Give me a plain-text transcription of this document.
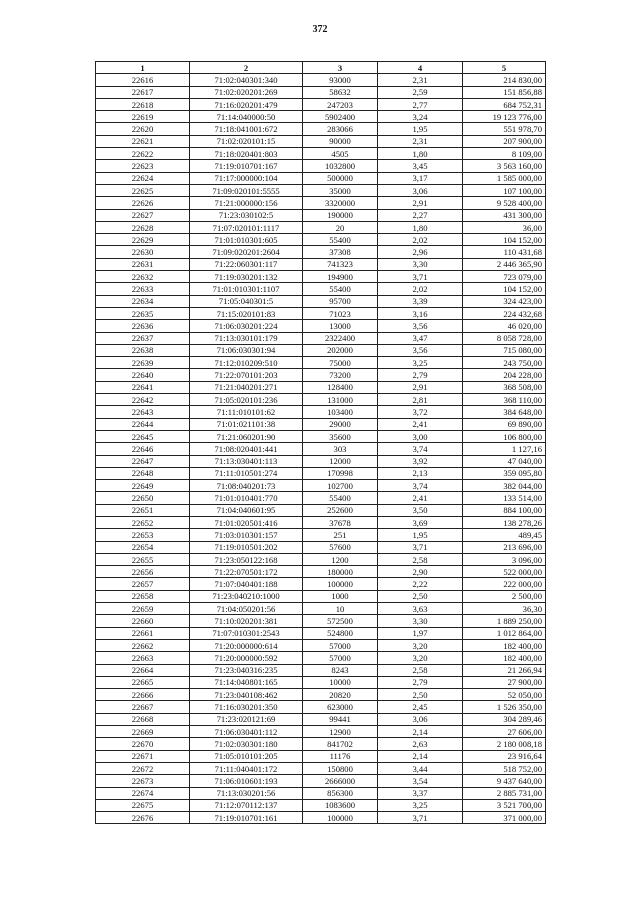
372
1	2	3	4	5
22616	71:02:040301:340	93000	2,31	214 830,00
22617	71:02:020201:269	58632	2,59	151 856,88
22618	71:16:020201:479	247203	2,77	684 752,31
22619	71:14:040000:50	5902400	3,24	19 123 776,00
22620	71:18:041001:672	283066	1,95	551 978,70
22621	71:02:020101:15	90000	2,31	207 900,00
22622	71:18:020401:803	4505	1,80	8 109,00
22623	71:19:010701:167	1032800	3,45	3 563 160,00
22624	71:17:000000:104	500000	3,17	1 585 000,00
22625	71:09:020101:5555	35000	3,06	107 100,00
22626	71:21:000000:156	3320000	2,91	9 528 400,00
22627	71:23:030102:5	190000	2,27	431 300,00
22628	71:07:020101:1117	20	1,80	36,00
22629	71:01:010301:605	55400	2,02	104 152,00
22630	71:09:020201:2604	37308	2,96	110 431,68
22631	71:22:060301:117	741323	3,30	2 446 365,90
22632	71:19:030201:132	194900	3,71	723 079,00
22633	71:01:010301:1107	55400	2,02	104 152,00
22634	71:05:040301:5	95700	3,39	324 423,00
22635	71:15:020101:83	71023	3,16	224 432,68
22636	71:06:030201:224	13000	3,56	46 020,00
22637	71:13:030101:179	2322400	3,47	8 058 728,00
22638	71:06:030301:94	202000	3,56	715 080,00
22639	71:12:010209:510	75000	3,25	243 750,00
22640	71:22:070101:203	73200	2,79	204 228,00
22641	71:21:040201:271	128400	2,91	368 508,00
22642	71:05:020101:236	131000	2,81	368 110,00
22643	71:11:010101:62	103400	3,72	384 648,00
22644	71:01:021101:38	29000	2,41	69 890,00
22645	71:21:060201:90	35600	3,00	106 800,00
22646	71:08:020401:441	303	3,74	1 127,16
22647	71:13:030401:113	12000	3,92	47 040,00
22648	71:11:010501:274	170998	2,13	359 095,80
22649	71:08:040201:73	102700	3,74	382 044,00
22650	71:01:010401:770	55400	2,41	133 514,00
22651	71:04:040601:95	252600	3,50	884 100,00
22652	71:01:020501:416	37678	3,69	138 278,26
22653	71:03:010301:157	251	1,95	489,45
22654	71:19:010501:202	57600	3,71	213 696,00
22655	71:23:050122:168	1200	2,58	3 096,00
22656	71:22:070501:172	180000	2,90	522 000,00
22657	71:07:040401:188	100000	2,22	222 000,00
22658	71:23:040210:1000	1000	2,50	2 500,00
22659	71:04:050201:56	10	3,63	36,30
22660	71:10:020201:381	572500	3,30	1 889 250,00
22661	71:07:010301:2543	524800	1,97	1 012 864,00
22662	71:20:000000:614	57000	3,20	182 400,00
22663	71:20:000000:592	57000	3,20	182 400,00
22664	71:23:040316:235	8243	2,58	21 266,94
22665	71:14:040801:165	10000	2,79	27 900,00
22666	71:23:040108:462	20820	2,50	52 050,00
22667	71:16:030201:350	623000	2,45	1 526 350,00
22668	71:23:020121:69	99441	3,06	304 289,46
22669	71:06:030401:112	12900	2,14	27 606,00
22670	71:02:030301:180	841702	2,63	2 180 008,18
22671	71:05:010101:205	11176	2,14	23 916,64
22672	71:11:040401:172	150800	3,44	518 752,00
22673	71:06:010601:193	2666000	3,54	9 437 640,00
22674	71:13:030201:56	856300	3,37	2 885 731,00
22675	71:12:070112:137	1083600	3,25	3 521 700,00
22676	71:19:010701:161	100000	3,71	371 000,00
